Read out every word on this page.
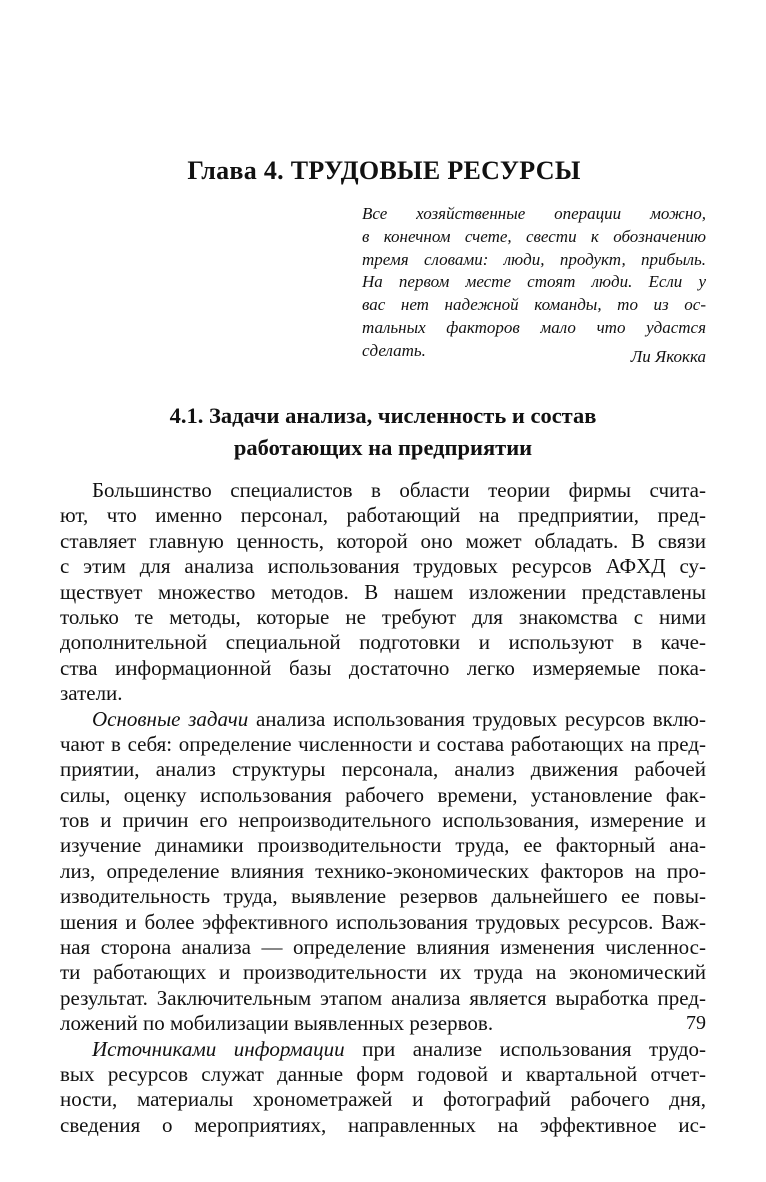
Глава 4. ТРУДОВЫЕ РЕСУРСЫ
Все хозяйственные операции можно,
в конечном счете, свести к обозначению
тремя словами: люди, продукт, прибыль.
На первом месте стоят люди. Если у
вас нет надежной команды, то из ос-
тальных факторов мало что удастся
сделать.	Ли Якокка
4.1. Задачи анализа, численность и состав
работающих на предприятии
Большинство специалистов в области теории фирмы счита-
ют, что именно персонал, работающий на предприятии, пред-
ставляет главную ценность, которой оно может обладать. В связи
с этим для анализа использования трудовых ресурсов АФХД су-
ществует множество методов. В нашем изложении представлены
только те методы, которые не требуют для знакомства с ними
дополнительной специальной подготовки и используют в каче-
ства информационной базы достаточно легко измеряемые пока-
затели.
Основные задачи анализа использования трудовых ресурсов вклю-
чают в себя: определение численности и состава работающих на пред-
приятии, анализ структуры персонала, анализ движения рабочей
силы, оценку использования рабочего времени, установление фак-
тов и причин его непроизводительного использования, измерение и
изучение динамики производительности труда, ее факторный ана-
лиз, определение влияния технико-экономических факторов на про-
изводительность труда, выявление резервов дальнейшего ее повы-
шения и более эффективного использования трудовых ресурсов. Важ-
ная сторона анализа — определение влияния изменения численнос-
ти работающих и производительности их труда на экономический
результат. Заключительным этапом анализа является выработка пред-
ложений по мобилизации выявленных резервов.
Источниками информации при анализе использования трудо-
вых ресурсов служат данные форм годовой и квартальной отчет-
ности, материалы хронометражей и фотографий рабочего дня,
сведения о мероприятиях, направленных на эффективное ис-
79
